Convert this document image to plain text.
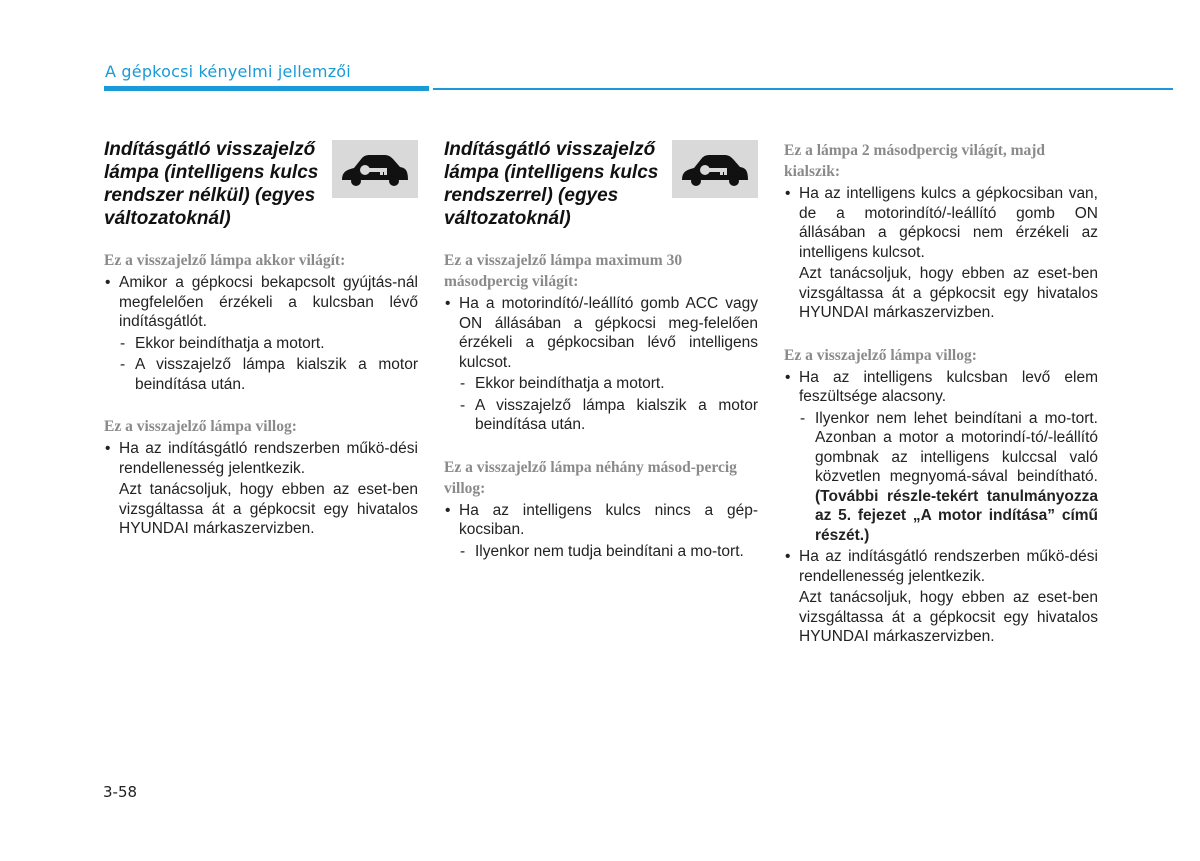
A gépkocsi kényelmi jellemzői

Indításgátló visszajelző lámpa (intelligens kulcs rendszer nélkül) (egyes változatoknál)

Ez a visszajelző lámpa akkor világít:

• Amikor a gépkocsi bekapcsolt gyújtás-nál megfelelően érzékeli a kulcsban lévő indításgátlót.

- Ekkor beindíthatja a motort.

- A visszajelző lámpa kialszik a motor beindítása után.

Ez a visszajelző lámpa villog:

• Ha az indításgátló rendszerben műkö-dési rendellenesség jelentkezik.

Azt tanácsoljuk, hogy ebben az eset-ben vizsgáltassa át a gépkocsit egy hivatalos HYUNDAI márkaszervizben.

Indításgátló visszajelző lámpa (intelligens kulcs rendszerrel) (egyes változatoknál)

Ez a visszajelző lámpa maximum 30 másodpercig világít:

• Ha a motorindító/-leállító gomb ACC vagy ON állásában a gépkocsi meg-felelően érzékeli a gépkocsiban lévő intelligens kulcsot.

- Ekkor beindíthatja a motort.

- A visszajelző lámpa kialszik a motor beindítása után.

Ez a visszajelző lámpa néhány másod-percig villog:

• Ha az intelligens kulcs nincs a gép-kocsiban.

- Ilyenkor nem tudja beindítani a mo-tort.

Ez a lámpa 2 másodpercig világít, majd kialszik:

• Ha az intelligens kulcs a gépkocsiban van, de a motorindító/-leállító gomb ON állásában a gépkocsi nem érzékeli az intelligens kulcsot.

Azt tanácsoljuk, hogy ebben az eset-ben vizsgáltassa át a gépkocsit egy hivatalos HYUNDAI márkaszervizben.

Ez a visszajelző lámpa villog:

• Ha az intelligens kulcsban levő elem feszültsége alacsony.

- Ilyenkor nem lehet beindítani a mo-tort. Azonban a motor a motorindí-tó/-leállító gombnak az intelligens kulccsal való közvetlen megnyomá-sával beindítható. (További részle-tekért tanulmányozza az 5. fejezet „A motor indítása” című részét.)

• Ha az indításgátló rendszerben műkö-dési rendellenesség jelentkezik.

Azt tanácsoljuk, hogy ebben az eset-ben vizsgáltassa át a gépkocsit egy hivatalos HYUNDAI márkaszervizben.

3-58
